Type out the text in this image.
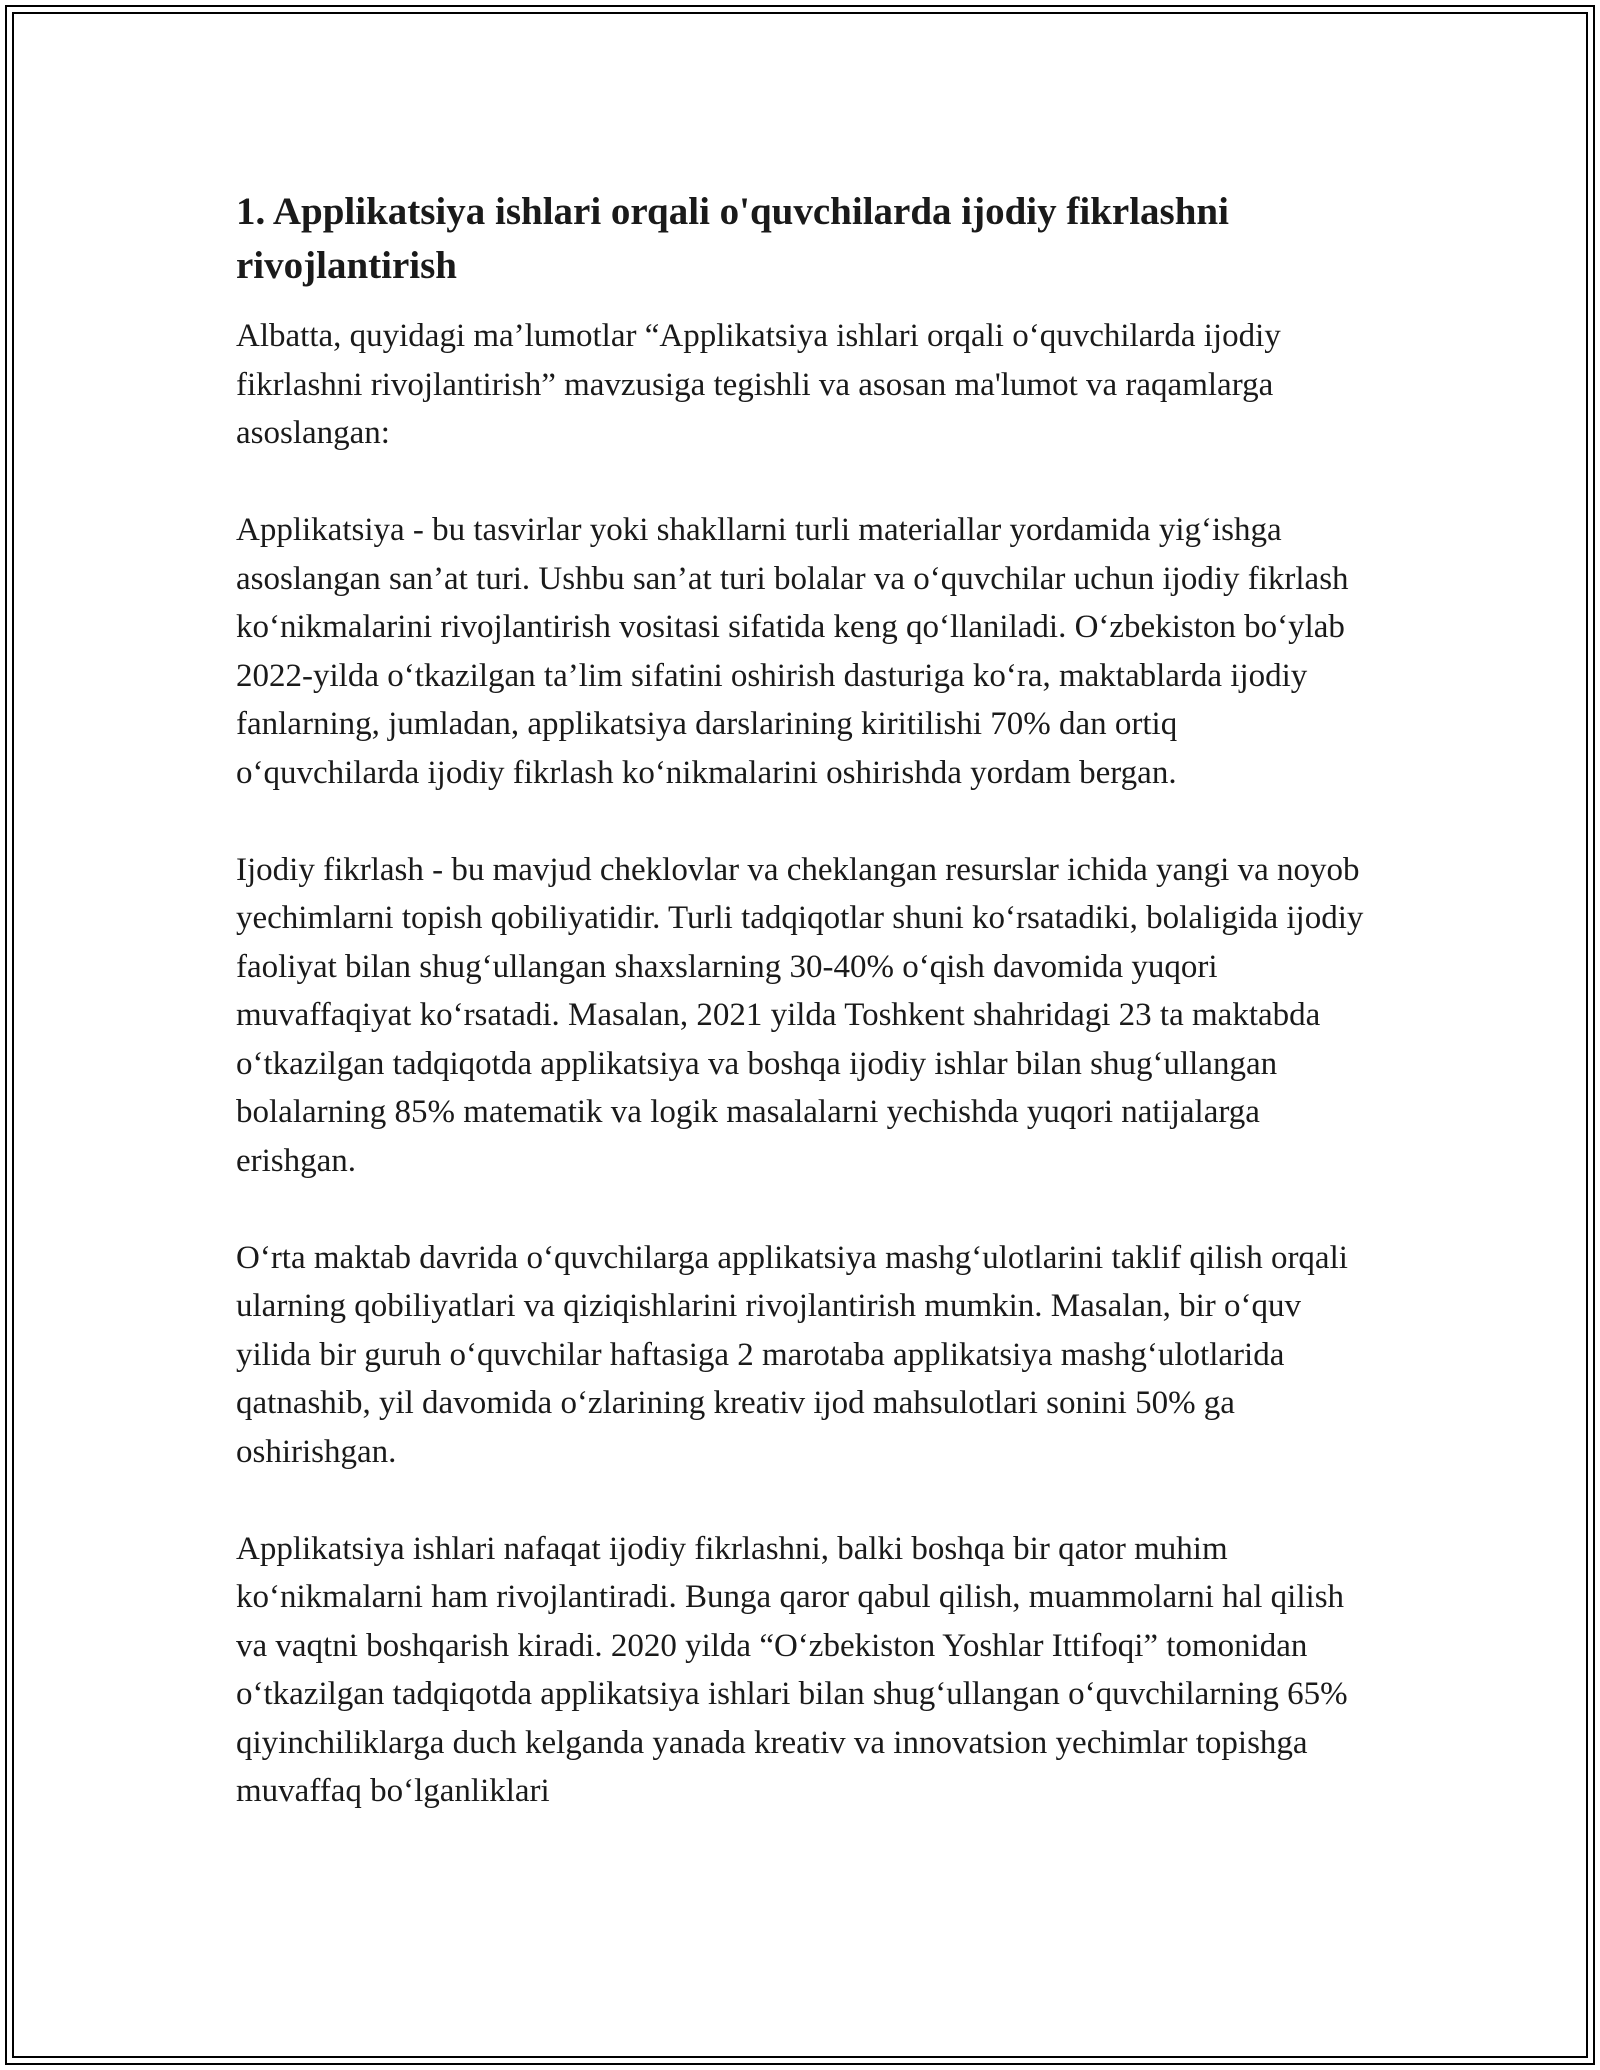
1. Applikatsiya ishlari orqali o'quvchilarda ijodiy fikrlashni rivojlantirish

Albatta, quyidagi ma’lumotlar “Applikatsiya ishlari orqali o‘quvchilarda ijodiy fikrlashni rivojlantirish” mavzusiga tegishli va asosan ma'lumot va raqamlarga asoslangan:

Applikatsiya - bu tasvirlar yoki shakllarni turli materiallar yordamida yig‘ishga asoslangan san’at turi. Ushbu san’at turi bolalar va o‘quvchilar uchun ijodiy fikrlash ko‘nikmalarini rivojlantirish vositasi sifatida keng qo‘llaniladi. O‘zbekiston bo‘ylab 2022-yilda o‘tkazilgan ta’lim sifatini oshirish dasturiga ko‘ra, maktablarda ijodiy fanlarning, jumladan, applikatsiya darslarining kiritilishi 70% dan ortiq o‘quvchilarda ijodiy fikrlash ko‘nikmalarini oshirishda yordam bergan.

Ijodiy fikrlash - bu mavjud cheklovlar va cheklangan resurslar ichida yangi va noyob yechimlarni topish qobiliyatidir. Turli tadqiqotlar shuni ko‘rsatadiki, bolaligida ijodiy faoliyat bilan shug‘ullangan shaxslarning 30-40% o‘qish davomida yuqori muvaffaqiyat ko‘rsatadi. Masalan, 2021 yilda Toshkent shahridagi 23 ta maktabda o‘tkazilgan tadqiqotda applikatsiya va boshqa ijodiy ishlar bilan shug‘ullangan bolalarning 85% matematik va logik masalalarni yechishda yuqori natijalarga erishgan.

O‘rta maktab davrida o‘quvchilarga applikatsiya mashg‘ulotlarini taklif qilish orqali ularning qobiliyatlari va qiziqishlarini rivojlantirish mumkin. Masalan, bir o‘quv yilida bir guruh o‘quvchilar haftasiga 2 marotaba applikatsiya mashg‘ulotlarida qatnashib, yil davomida o‘zlarining kreativ ijod mahsulotlari sonini 50% ga oshirishgan.

Applikatsiya ishlari nafaqat ijodiy fikrlashni, balki boshqa bir qator muhim ko‘nikmalarni ham rivojlantiradi. Bunga qaror qabul qilish, muammolarni hal qilish va vaqtni boshqarish kiradi. 2020 yilda “O‘zbekiston Yoshlar Ittifoqi” tomonidan o‘tkazilgan tadqiqotda applikatsiya ishlari bilan shug‘ullangan o‘quvchilarning 65% qiyinchiliklarga duch kelganda yanada kreativ va innovatsion yechimlar topishga muvaffaq bo‘lganliklari
